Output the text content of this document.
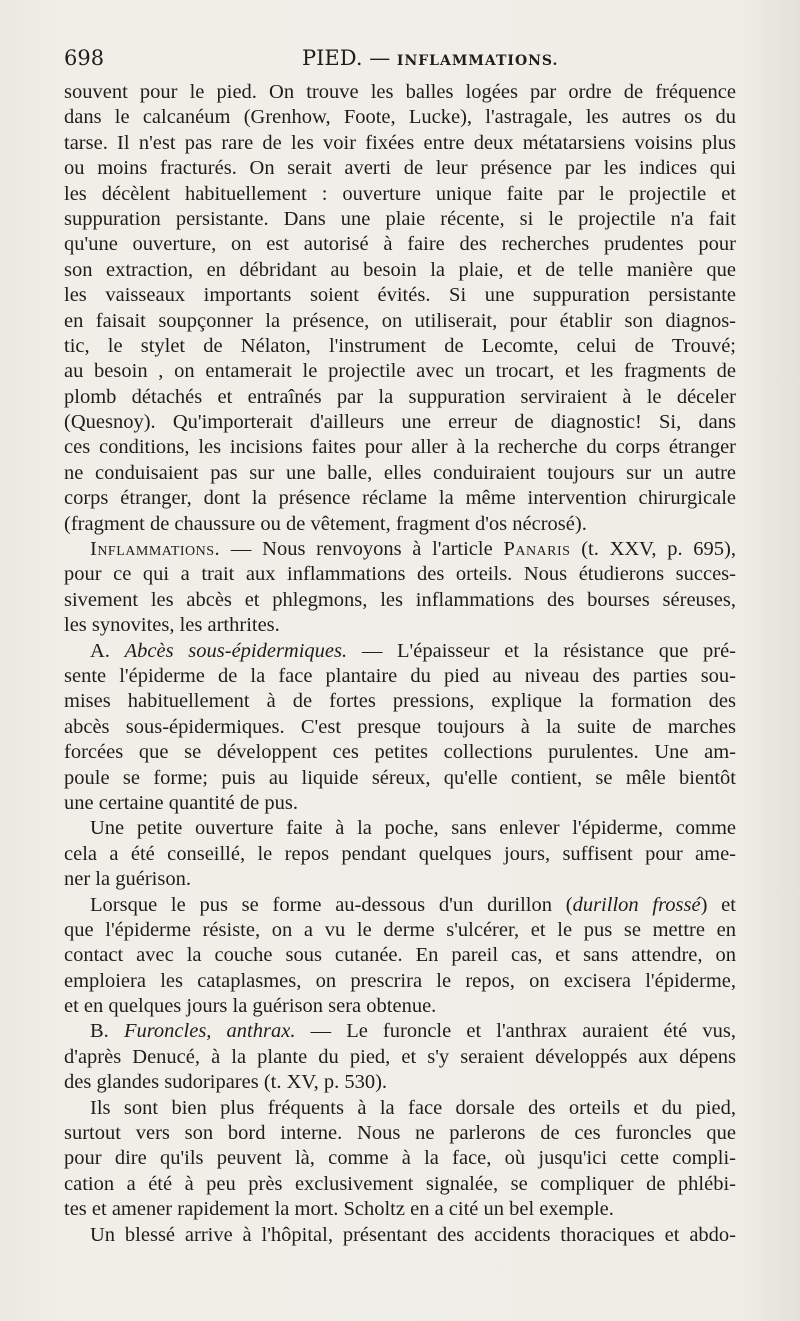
698	PIED. — INFLAMMATIONS.
souvent pour le pied. On trouve les balles logées par ordre de fréquence
dans le calcanéum (Grenhow, Foote, Lucke), l'astragale, les autres os du
tarse. Il n'est pas rare de les voir fixées entre deux métatarsiens voisins plus
ou moins fracturés. On serait averti de leur présence par les indices qui
les décèlent habituellement : ouverture unique faite par le projectile et
suppuration persistante. Dans une plaie récente, si le projectile n'a fait
qu'une ouverture, on est autorisé à faire des recherches prudentes pour
son extraction, en débridant au besoin la plaie, et de telle manière que
les vaisseaux importants soient évités. Si une suppuration persistante
en faisait soupçonner la présence, on utiliserait, pour établir son diagnos-
tic, le stylet de Nélaton, l'instrument de Lecomte, celui de Trouvé;
au besoin , on entamerait le projectile avec un trocart, et les fragments de
plomb détachés et entraînés par la suppuration serviraient à le déceler
(Quesnoy). Qu'importerait d'ailleurs une erreur de diagnostic! Si, dans
ces conditions, les incisions faites pour aller à la recherche du corps étranger
ne conduisaient pas sur une balle, elles conduiraient toujours sur un autre
corps étranger, dont la présence réclame la même intervention chirurgicale
(fragment de chaussure ou de vêtement, fragment d'os nécrosé).
Inflammations. — Nous renvoyons à l'article Panaris (t. XXV, p. 695),
pour ce qui a trait aux inflammations des orteils. Nous étudierons succes-
sivement les abcès et phlegmons, les inflammations des bourses séreuses,
les synovites, les arthrites.
A. Abcès sous-épidermiques. — L'épaisseur et la résistance que pré-
sente l'épiderme de la face plantaire du pied au niveau des parties sou-
mises habituellement à de fortes pressions, explique la formation des
abcès sous-épidermiques. C'est presque toujours à la suite de marches
forcées que se développent ces petites collections purulentes. Une am-
poule se forme; puis au liquide séreux, qu'elle contient, se mêle bientôt
une certaine quantité de pus.
Une petite ouverture faite à la poche, sans enlever l'épiderme, comme
cela a été conseillé, le repos pendant quelques jours, suffisent pour ame-
ner la guérison.
Lorsque le pus se forme au-dessous d'un durillon (durillon frossé) et
que l'épiderme résiste, on a vu le derme s'ulcérer, et le pus se mettre en
contact avec la couche sous cutanée. En pareil cas, et sans attendre, on
emploiera les cataplasmes, on prescrira le repos, on excisera l'épiderme,
et en quelques jours la guérison sera obtenue.
B. Furoncles, anthrax. — Le furoncle et l'anthrax auraient été vus,
d'après Denucé, à la plante du pied, et s'y seraient développés aux dépens
des glandes sudoripares (t. XV, p. 530).
Ils sont bien plus fréquents à la face dorsale des orteils et du pied,
surtout vers son bord interne. Nous ne parlerons de ces furoncles que
pour dire qu'ils peuvent là, comme à la face, où jusqu'ici cette compli-
cation a été à peu près exclusivement signalée, se compliquer de phlébi-
tes et amener rapidement la mort. Scholtz en a cité un bel exemple.
Un blessé arrive à l'hôpital, présentant des accidents thoraciques et abdo-
